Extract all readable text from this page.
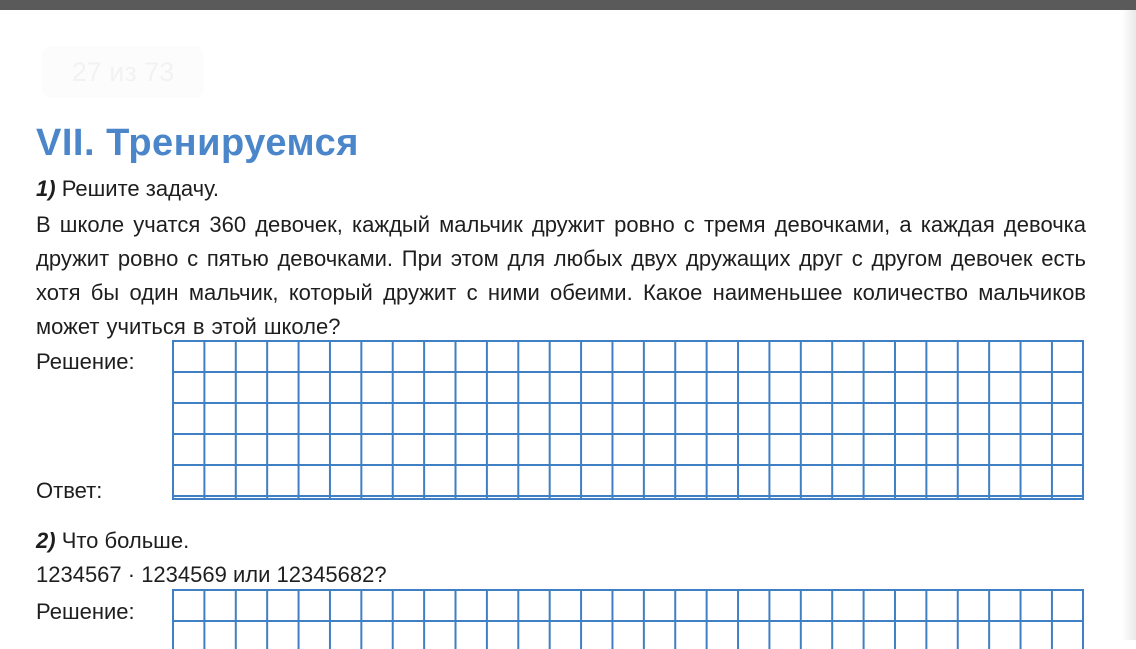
27 из 73
VII. Тренируемся
1) Решите задачу.

В школе учатся 360 девочек, каждый мальчик дружит ровно с тремя девочками, а каждая девочка дружит ровно с пятью девочками. При этом для любых двух дружащих друг с другом девочек есть хотя бы один мальчик, который дружит с ними обеими. Какое наименьшее количество мальчиков может учиться в этой школе?

Решение:
Ответ:
2) Что больше.
1234567 · 1234569 или 12345682?
Решение:
